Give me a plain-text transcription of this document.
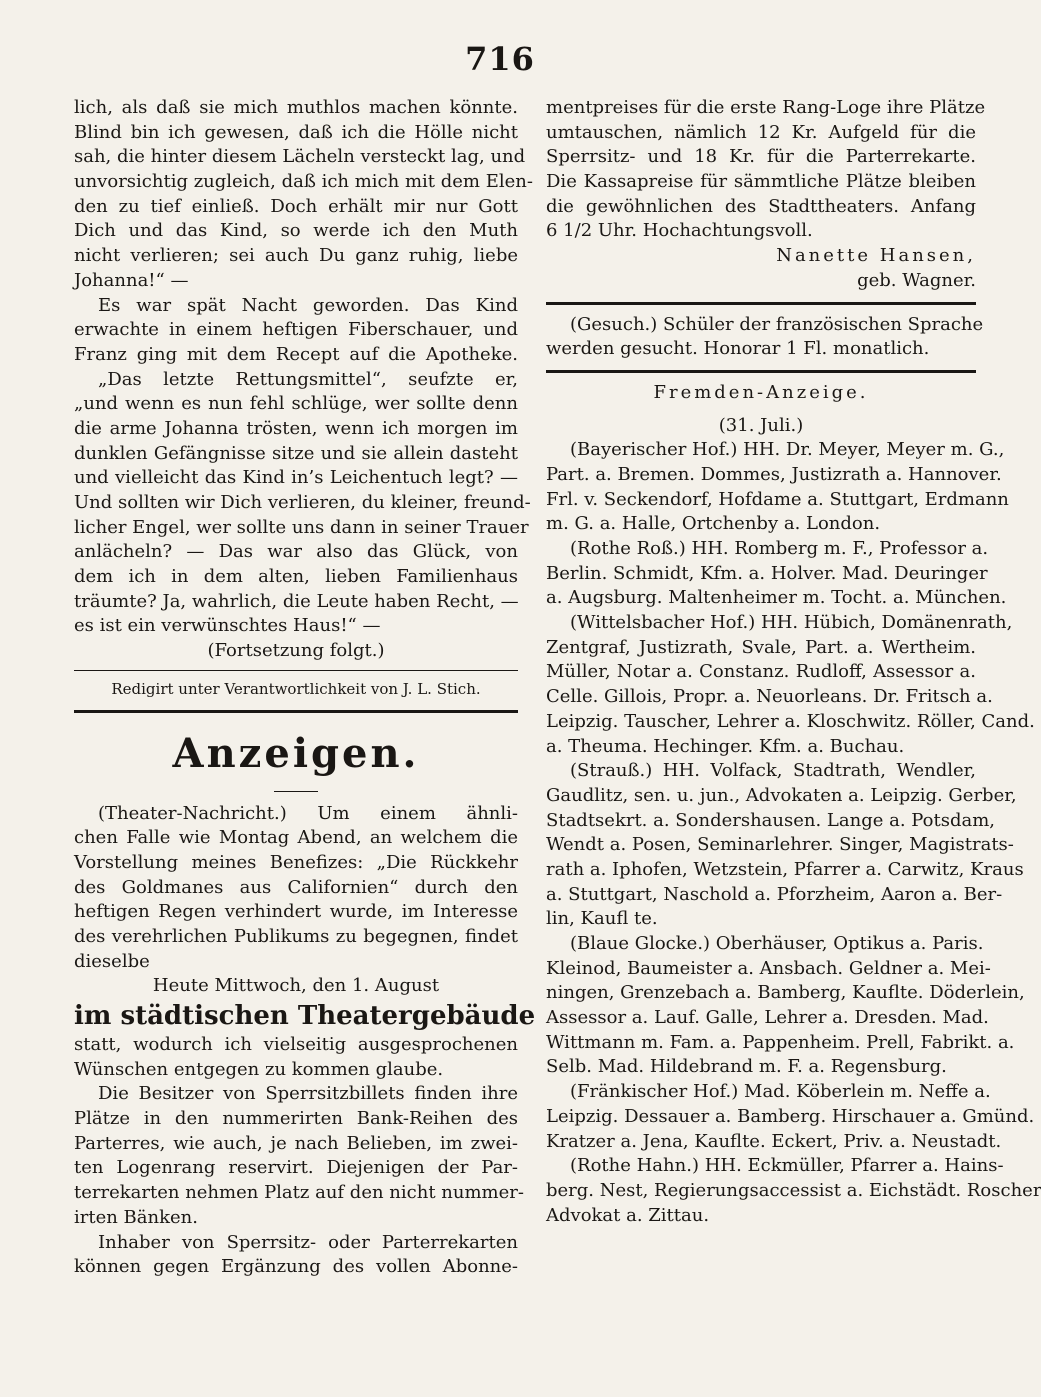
716
lich, als daß sie mich muthlos machen könnte.
Blind bin ich gewesen, daß ich die Hölle nicht
sah, die hinter diesem Lächeln versteckt lag, und
unvorsichtig zugleich, daß ich mich mit dem Elen-
den zu tief einließ. Doch erhält mir nur Gott
Dich und das Kind, so werde ich den Muth
nicht verlieren; sei auch Du ganz ruhig, liebe
Johanna!“ —
Es war spät Nacht geworden. Das Kind
erwachte in einem heftigen Fiberschauer, und
Franz ging mit dem Recept auf die Apotheke.
„Das letzte Rettungsmittel“, seufzte er,
„und wenn es nun fehl schlüge, wer sollte denn
die arme Johanna trösten, wenn ich morgen im
dunklen Gefängnisse sitze und sie allein dasteht
und vielleicht das Kind in’s Leichentuch legt? —
Und sollten wir Dich verlieren, du kleiner, freund-
licher Engel, wer sollte uns dann in seiner Trauer
anlächeln? — Das war also das Glück, von
dem ich in dem alten, lieben Familienhaus
träumte? Ja, wahrlich, die Leute haben Recht, —
es ist ein verwünschtes Haus!“ —
(Fortsetzung folgt.)
Redigirt unter Verantwortlichkeit von J. L. Stich.
Anzeigen.
(Theater-Nachricht.) Um einem ähnli-
chen Falle wie Montag Abend, an welchem die
Vorstellung meines Benefizes: „Die Rückkehr
des Goldmanes aus Californien“ durch den
heftigen Regen verhindert wurde, im Interesse
des verehrlichen Publikums zu begegnen, findet
dieselbe
Heute Mittwoch, den 1. August
im städtischen Theatergebäude
statt, wodurch ich vielseitig ausgesprochenen
Wünschen entgegen zu kommen glaube.
Die Besitzer von Sperrsitzbillets finden ihre
Plätze in den nummerirten Bank-Reihen des
Parterres, wie auch, je nach Belieben, im zwei-
ten Logenrang reservirt. Diejenigen der Par-
terrekarten nehmen Platz auf den nicht nummer-
irten Bänken.
Inhaber von Sperrsitz- oder Parterrekarten
können gegen Ergänzung des vollen Abonne-
mentpreises für die erste Rang-Loge ihre Plätze
umtauschen, nämlich 12 Kr. Aufgeld für die
Sperrsitz- und 18 Kr. für die Parterrekarte.
Die Kassapreise für sämmtliche Plätze bleiben
die gewöhnlichen des Stadttheaters. Anfang
6 1/2 Uhr. Hochachtungsvoll.
Nanette Hansen,
geb. Wagner.
(Gesuch.) Schüler der französischen Sprache
werden gesucht. Honorar 1 Fl. monatlich.
Fremden-Anzeige.
(31. Juli.)
(Bayerischer Hof.) HH. Dr. Meyer, Meyer m. G.,
Part. a. Bremen. Dommes, Justizrath a. Hannover.
Frl. v. Seckendorf, Hofdame a. Stuttgart, Erdmann
m. G. a. Halle, Ortchenby a. London.
(Rothe Roß.) HH. Romberg m. F., Professor a.
Berlin. Schmidt, Kfm. a. Holver. Mad. Deuringer
a. Augsburg. Maltenheimer m. Tocht. a. München.
(Wittelsbacher Hof.) HH. Hübich, Domänenrath,
Zentgraf, Justizrath, Svale, Part. a. Wertheim.
Müller, Notar a. Constanz. Rudloff, Assessor a.
Celle. Gillois, Propr. a. Neuorleans. Dr. Fritsch a.
Leipzig. Tauscher, Lehrer a. Kloschwitz. Röller, Cand.
a. Theuma. Hechinger. Kfm. a. Buchau.
(Strauß.) HH. Volfack, Stadtrath, Wendler,
Gaudlitz, sen. u. jun., Advokaten a. Leipzig. Gerber,
Stadtsekrt. a. Sondershausen. Lange a. Potsdam,
Wendt a. Posen, Seminarlehrer. Singer, Magistrats-
rath a. Iphofen, Wetzstein, Pfarrer a. Carwitz, Kraus
a. Stuttgart, Naschold a. Pforzheim, Aaron a. Ber-
lin, Kaufl te.
(Blaue Glocke.) Oberhäuser, Optikus a. Paris.
Kleinod, Baumeister a. Ansbach. Geldner a. Mei-
ningen, Grenzebach a. Bamberg, Kauflte. Döderlein,
Assessor a. Lauf. Galle, Lehrer a. Dresden. Mad.
Wittmann m. Fam. a. Pappenheim. Prell, Fabrikt. a.
Selb. Mad. Hildebrand m. F. a. Regensburg.
(Fränkischer Hof.) Mad. Köberlein m. Neffe a.
Leipzig. Dessauer a. Bamberg. Hirschauer a. Gmünd.
Kratzer a. Jena, Kauflte. Eckert, Priv. a. Neustadt.
(Rothe Hahn.) HH. Eckmüller, Pfarrer a. Hains-
berg. Nest, Regierungsaccessist a. Eichstädt. Roscher
Advokat a. Zittau.
